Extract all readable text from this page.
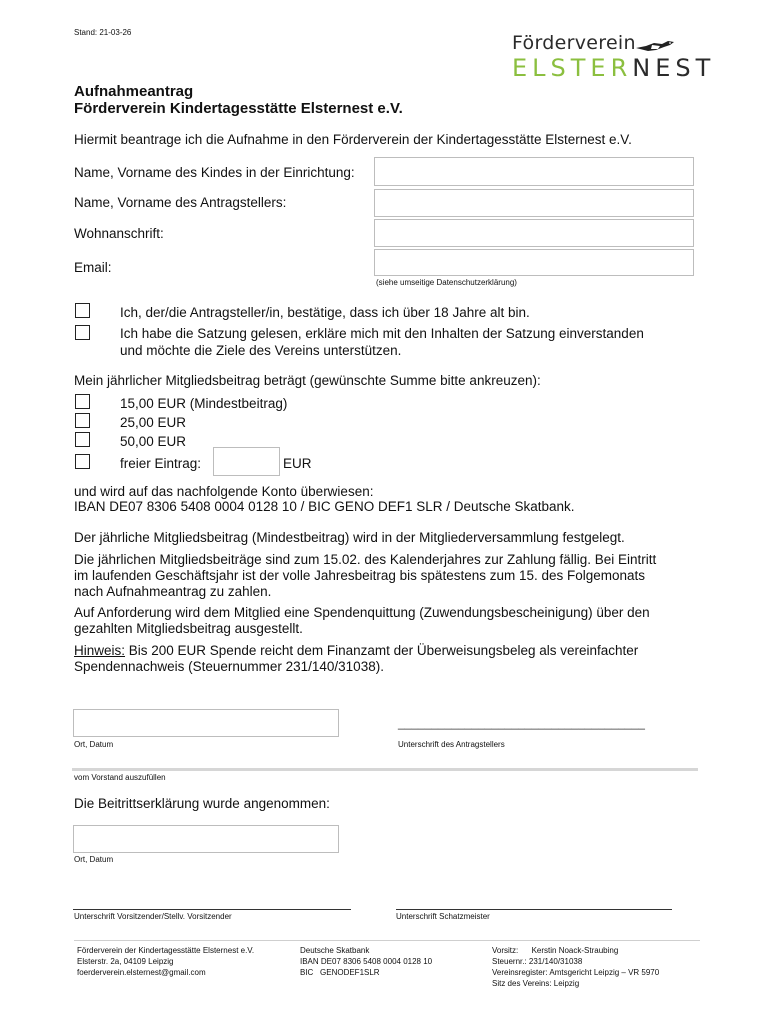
Stand: 21-03-26	Förderverein
ELSTERNEST
Aufnahmeantrag
Förderverein Kindertagesstätte Elsternest e.V.
Hiermit beantrage ich die Aufnahme in den Förderverein der Kindertagesstätte Elsternest e.V.
Name, Vorname des Kindes in der Einrichtung:
Name, Vorname des Antragstellers:
Wohnanschrift:
Email:
(siehe umseitige Datenschutzerklärung)
Ich, der/die Antragsteller/in, bestätige, dass ich über 18 Jahre alt bin.
Ich habe die Satzung gelesen, erkläre mich mit den Inhalten der Satzung einverstanden
und möchte die Ziele des Vereins unterstützen.
Mein jährlicher Mitgliedsbeitrag beträgt (gewünschte Summe bitte ankreuzen):
15,00 EUR (Mindestbeitrag)
25,00 EUR
50,00 EUR
freier Eintrag:	EUR
und wird auf das nachfolgende Konto überwiesen:
IBAN DE07 8306 5408 0004 0128 10 / BIC GENO DEF1 SLR / Deutsche Skatbank.
Der jährliche Mitgliedsbeitrag (Mindestbeitrag) wird in der Mitgliederversammlung festgelegt.
Die jährlichen Mitgliedsbeiträge sind zum 15.02. des Kalenderjahres zur Zahlung fällig. Bei Eintritt
im laufenden Geschäftsjahr ist der volle Jahresbeitrag bis spätestens zum 15. des Folgemonats
nach Aufnahmeantrag zu zahlen.
Auf Anforderung wird dem Mitglied eine Spendenquittung (Zuwendungsbescheinigung) über den
gezahlten Mitgliedsbeitrag ausgestellt.
Hinweis: Bis 200 EUR Spende reicht dem Finanzamt der Überweisungsbeleg als vereinfachter
Spendennachweis (Steuernummer 231/140/31038).
Ort, Datum
_____________________________________
Unterschrift des Antragstellers
vom Vorstand auszufüllen
Die Beitrittserklärung wurde angenommen:
Ort, Datum
Unterschrift Vorsitzender/Stellv. Vorsitzender	Unterschrift Schatzmeister
Förderverein der Kindertagesstätte Elsternest e.V.
Elsterstr. 2a, 04109 Leipzig
foerderverein.elsternest@gmail.com
Deutsche Skatbank
IBAN DE07 8306 5408 0004 0128 10
BIC   GENODEF1SLR
Vorsitz:      Kerstin Noack-Straubing
Steuernr.: 231/140/31038
Vereinsregister: Amtsgericht Leipzig – VR 5970
Sitz des Vereins: Leipzig
